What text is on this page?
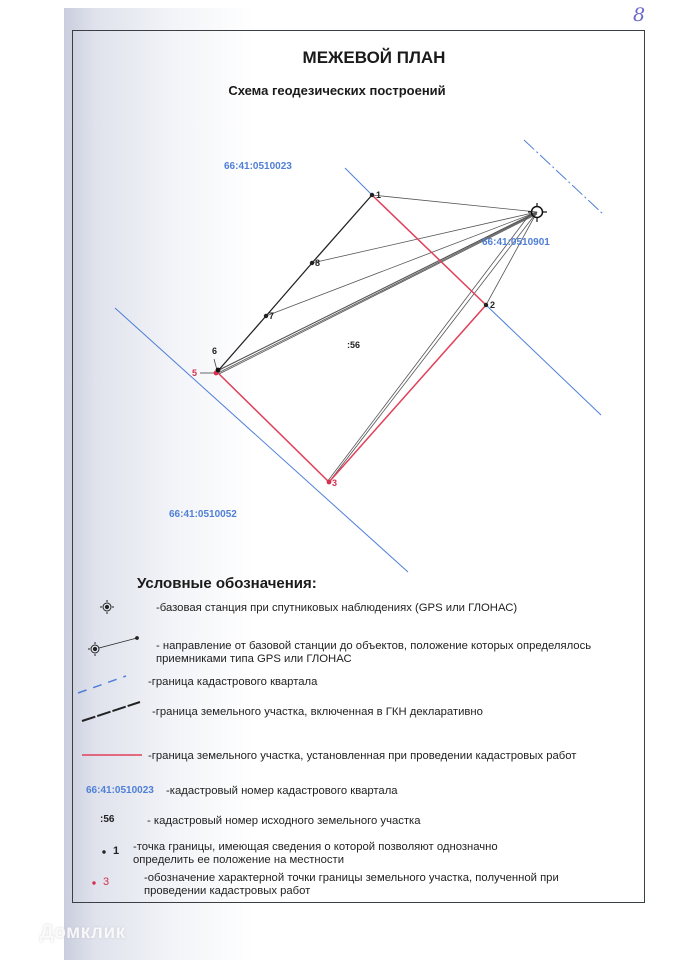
8
МЕЖЕВОЙ ПЛАН
Схема геодезических построений
66:41:0510023
66:41:0510901
66:41:0510052
:56
1
2
3
5
6
7
8
Условные обозначения:
-базовая станция при спутниковых наблюдениях (GPS или ГЛОНАС)
- направление от базовой станции до объектов, положение которых определялось
приемниками типа GPS или ГЛОНАС
-граница кадастрового квартала
-граница земельного участка, включенная в ГКН декларативно
-граница земельного участка, установленная при проведении кадастровых работ
66:41:0510023 -кадастровый номер кадастрового квартала
:56	- кадастровый номер исходного земельного участка
1 -точка границы, имеющая сведения о которой позволяют однозначно
определить ее положение на местности
3	-обозначение характерной точки границы земельного участка, полученной при
проведении кадастровых работ
Домклик
